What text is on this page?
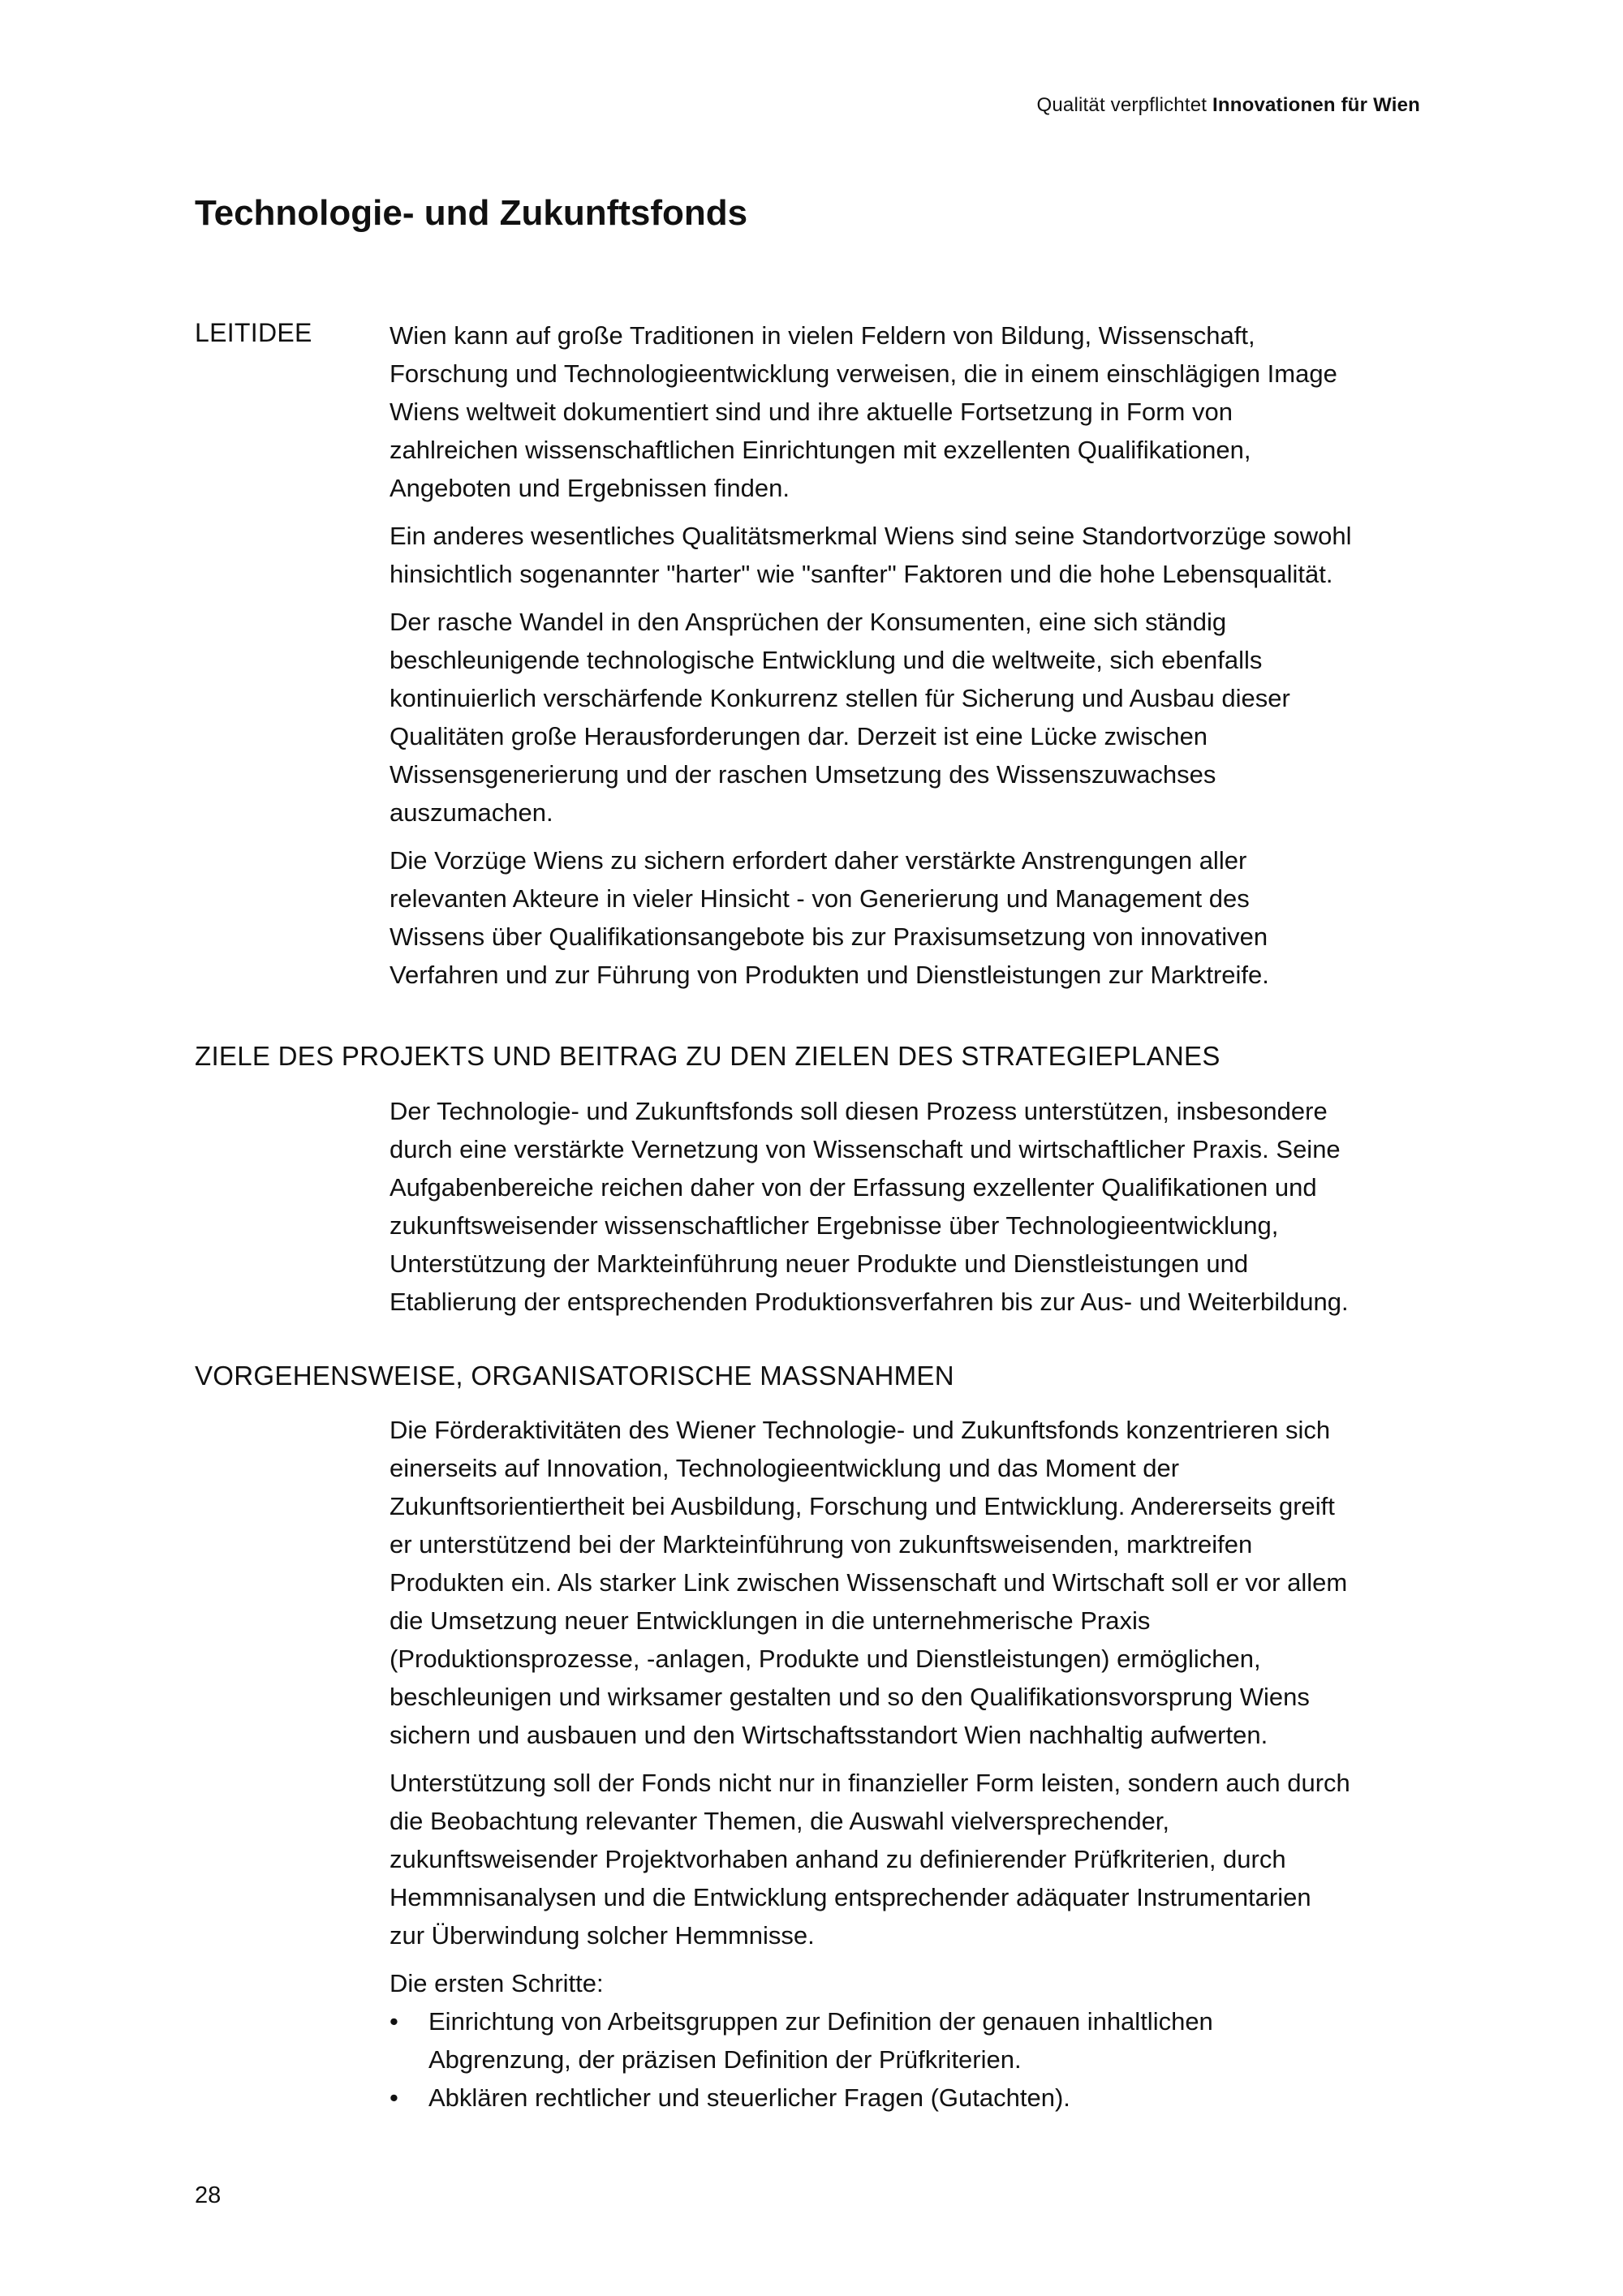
Qualität verpflichtet Innovationen für Wien
Technologie- und Zukunftsfonds
LEITIDEE	Wien kann auf große Traditionen in vielen Feldern von Bildung, Wissenschaft,
Forschung und Technologieentwicklung verweisen, die in einem einschlägigen Image
Wiens weltweit dokumentiert sind und ihre aktuelle Fortsetzung in Form von
zahlreichen wissenschaftlichen Einrichtungen mit exzellenten Qualifikationen,
Angeboten und Ergebnissen finden.

Ein anderes wesentliches Qualitätsmerkmal Wiens sind seine Standortvorzüge sowohl
hinsichtlich sogenannter "harter" wie "sanfter" Faktoren und die hohe Lebensqualität.

Der rasche Wandel in den Ansprüchen der Konsumenten, eine sich ständig
beschleunigende technologische Entwicklung und die weltweite, sich ebenfalls
kontinuierlich verschärfende Konkurrenz stellen für Sicherung und Ausbau dieser
Qualitäten große Herausforderungen dar. Derzeit ist eine Lücke zwischen
Wissensgenerierung und der raschen Umsetzung des Wissenszuwachses
auszumachen.

Die Vorzüge Wiens zu sichern erfordert daher verstärkte Anstrengungen aller
relevanten Akteure in vieler Hinsicht - von Generierung und Management des
Wissens über Qualifikationsangebote bis zur Praxisumsetzung von innovativen
Verfahren und zur Führung von Produkten und Dienstleistungen zur Marktreife.

ZIELE DES PROJEKTS UND BEITRAG ZU DEN ZIELEN DES STRATEGIEPLANES

Der Technologie- und Zukunftsfonds soll diesen Prozess unterstützen, insbesondere
durch eine verstärkte Vernetzung von Wissenschaft und wirtschaftlicher Praxis. Seine
Aufgabenbereiche reichen daher von der Erfassung exzellenter Qualifikationen und
zukunftsweisender wissenschaftlicher Ergebnisse über Technologieentwicklung,
Unterstützung der Markteinführung neuer Produkte und Dienstleistungen und
Etablierung der entsprechenden Produktionsverfahren bis zur Aus- und Weiterbildung.

VORGEHENSWEISE, ORGANISATORISCHE MASSNAHMEN

Die Förderaktivitäten des Wiener Technologie- und Zukunftsfonds konzentrieren sich
einerseits auf Innovation, Technologieentwicklung und das Moment der
Zukunftsorientiertheit bei Ausbildung, Forschung und Entwicklung. Andererseits greift
er unterstützend bei der Markteinführung von zukunftsweisenden, marktreifen
Produkten ein. Als starker Link zwischen Wissenschaft und Wirtschaft soll er vor allem
die Umsetzung neuer Entwicklungen in die unternehmerische Praxis
(Produktionsprozesse, -anlagen, Produkte und Dienstleistungen) ermöglichen,
beschleunigen und wirksamer gestalten und so den Qualifikationsvorsprung Wiens
sichern und ausbauen und den Wirtschaftsstandort Wien nachhaltig aufwerten.

Unterstützung soll der Fonds nicht nur in finanzieller Form leisten, sondern auch durch
die Beobachtung relevanter Themen, die Auswahl vielversprechender,
zukunftsweisender Projektvorhaben anhand zu definierender Prüfkriterien, durch
Hemmnisanalysen und die Entwicklung entsprechender adäquater Instrumentarien
zur Überwindung solcher Hemmnisse.

Die ersten Schritte:

• Einrichtung von Arbeitsgruppen zur Definition der genauen inhaltlichen
Abgrenzung, der präzisen Definition der Prüfkriterien.
• Abklären rechtlicher und steuerlicher Fragen (Gutachten).
28
